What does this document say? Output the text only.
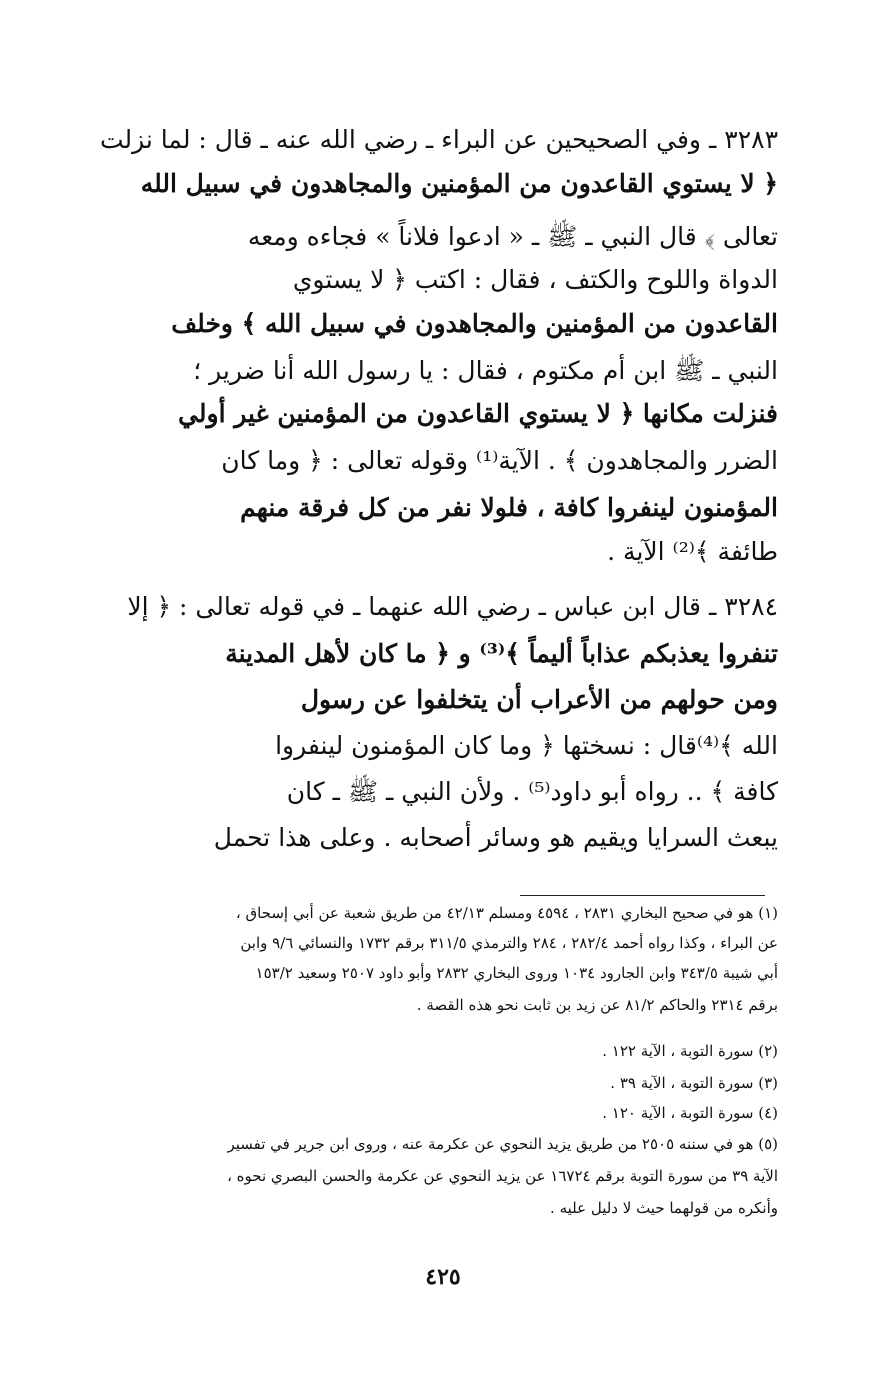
٣٢٨٣ـ وفي الصحيحين عن البراء ـ رضي الله عنه ـ قال : لما نزلت
﴿ لا يستوي القاعدون من المؤمنين والمجاهدون في سبيل الله
تعالى ﴾ قال النبي ـ ﷺ ـ « ادعوا فلاناً » فجاءه ومعه
الدواة واللوح والكتف ، فقال : اكتب ﴿ لا يستوي
القاعدون من المؤمنين والمجاهدون في سبيل الله ﴾ وخلف
النبي ـ ﷺ ابن أم مكتوم ، فقال : يا رسول الله أنا ضرير ؛
فنزلت مكانها ﴿ لا يستوي القاعدون من المؤمنين غير أولي
الضرر والمجاهدون ﴾ . الآية⁽¹⁾ وقوله تعالى : ﴿ وما كان
المؤمنون لينفروا كافة ، فلولا نفر من كل فرقة منهم
طائفة ﴾⁽²⁾ الآية .
٣٢٨٤ـ قال ابن عباس ـ رضي الله عنهما ـ في قوله تعالى : ﴿ إلا
تنفروا يعذبكم عذاباً أليماً ﴾⁽³⁾ و ﴿ ما كان لأهل المدينة
ومن حولهم من الأعراب أن يتخلفوا عن رسول
الله ﴾⁽⁴⁾قال : نسختها ﴿ وما كان المؤمنون لينفروا
كافة ﴾ .. رواه أبو داود⁽⁵⁾ . ولأن النبي ـ ﷺ ـ كان
يبعث السرايا ويقيم هو وسائر أصحابه . وعلى هذا تحمل
(١) هو في صحيح البخاري ٢٨٣١ ، ٤٥٩٤ ومسلم ٤٢/١٣ من طريق شعبة عن أبي إسحاق ،
عن البراء ، وكذا رواه أحمد ٢٨٢/٤ ، ٢٨٤ والترمذي ٣١١/٥ برقم ١٧٣٢ والنسائي ٩/٦ وابن
أبي شيبة ٣٤٣/٥ وابن الجارود ١٠٣٤ وروى البخاري ٢٨٣٢ وأبو داود ٢٥٠٧ وسعيد ١٥٣/٢
برقم ٢٣١٤ والحاكم ٨١/٢ عن زيد بن ثابت نحو هذه القصة .
(٢) سورة التوبة ، الآية ١٢٢ .
(٣) سورة التوبة ، الآية ٣٩ .
(٤) سورة التوبة ، الآية ١٢٠ .
(٥) هو في سننه ٢٥٠٥ من طريق يزيد النحوي عن عكرمة عنه ، وروى ابن جرير في تفسير
الآية ٣٩ من سورة التوبة برقم ١٦٧٢٤ عن يزيد النحوي عن عكرمة والحسن البصري نحوه ،
وأنكره من قولهما حيث لا دليل عليه .
٤٢٥
